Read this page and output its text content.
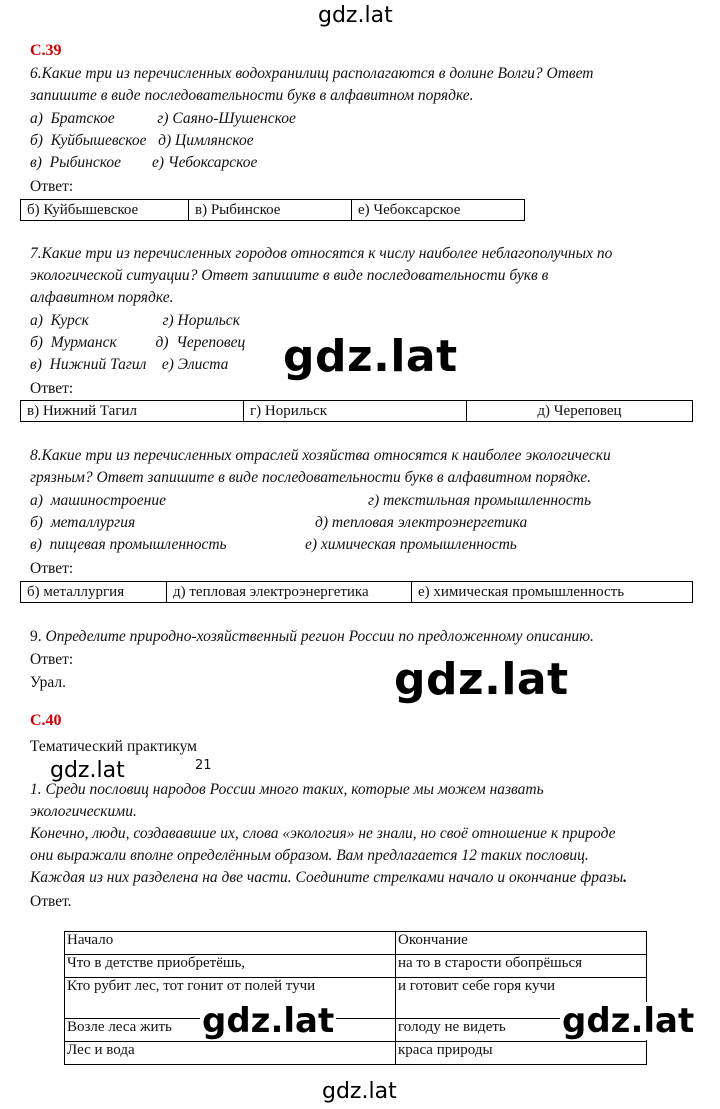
gdz.lat
С.39
6.Какие три из перечисленных водохранилищ располагаются в долине Волги? Ответ
запишите в виде последовательности букв в алфавитном порядке.
а)  Братское           г) Саяно-Шушенское
б)  Куйбышевское   д) Цимлянское
в)  Рыбинское        е) Чебоксарское
Ответ:
б) Куйбышевское	в) Рыбинское	е) Чебоксарское
7.Какие три из перечисленных городов относятся к числу наиболее неблагополучных по
экологической ситуации? Ответ запишите в виде последовательности букв в
алфавитном порядке.
а)  Курск                   г) Норильск
б)  Мурманск          д)  Череповец
в)  Нижний Тагил    е) Элиста gdz.lat
Ответ:
в) Нижний Тагил	г) Норильск	д) Череповец
8.Какие три из перечисленных отраслей хозяйства относятся к наиболее экологически
грязным? Ответ запишите в виде последовательности букв в алфавитном порядке.
а)  машиностроение	г) текстильная промышленность
б)  металлургия	д) тепловая электроэнергетика
в)  пищевая промышленность	е) химическая промышленность
Ответ:
б) металлургия	д) тепловая электроэнергетика	е) химическая промышленность
9. Определите природно-хозяйственный регион России по предложенному описанию.
Ответ:
Урал.	gdz.lat
С.40
Тематический практикум
gdz.lat	21
1. Среди пословиц народов России много таких, которые мы можем назвать
экологическими.
Конечно, люди, создававшие их, слова «экология» не знали, но своё отношение к природе
они выражали вполне определённым образом. Вам предлагается 12 таких пословиц.
Каждая из них разделена на две части. Соедините стрелками начало и окончание фразы.
Ответ.
Начало	Окончание
Что в детстве приобретёшь,	на то в старости обопрёшься
Кто рубит лес, тот гонит от полей тучи	и готовит себе горя кучи
Возле леса жить	голоду не видеть
Лес и вода	краса природы
gdz.lat	gdz.lat
gdz.lat
